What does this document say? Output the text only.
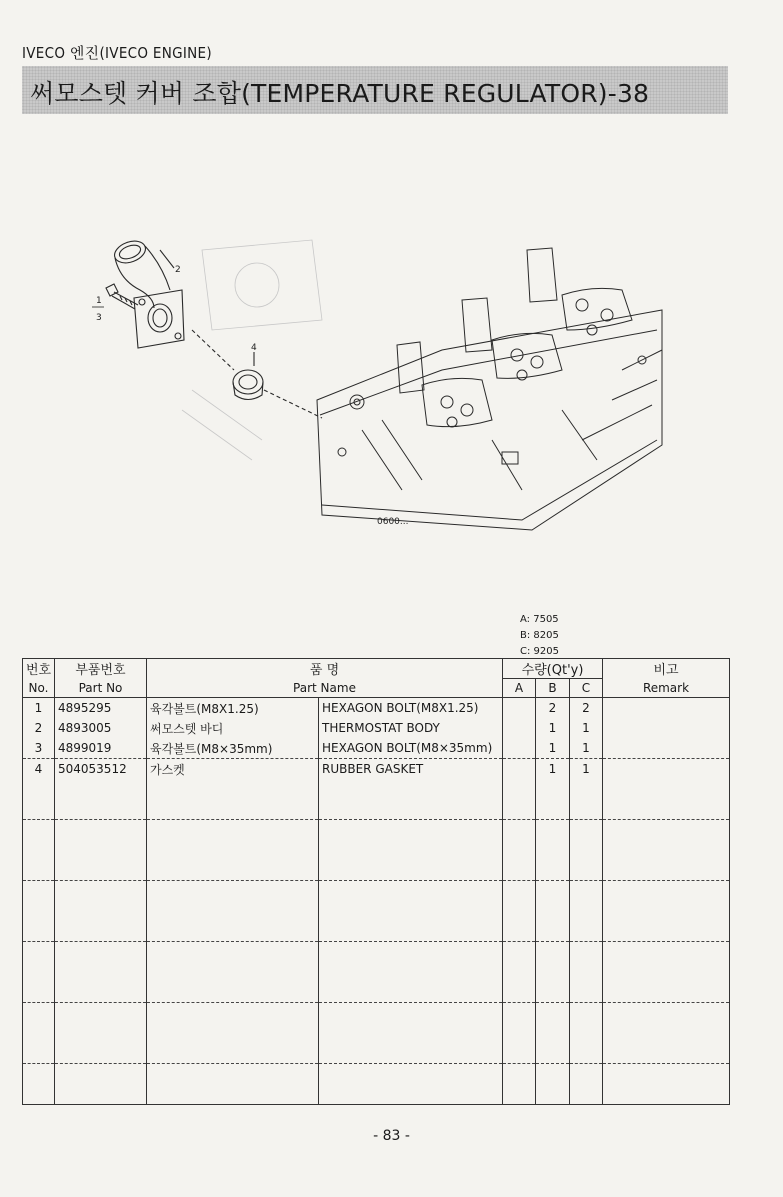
IVECO 엔진(IVECO ENGINE)
써모스텟 커버 조합(TEMPERATURE REGULATOR)-38
2
1
3
4
0600...
A: 7505
B: 8205
C: 9205
번호	부품번호	품 명		수량(Qt'y)			비고
No.	Part No	Part Name		A	B	C	Remark
1	4895295	육각볼트(M8X1.25)	HEXAGON BOLT(M8X1.25)		2	2	
2	4893005	써모스텟 바디	THERMOSTAT BODY		1	1	
3	4899019	육각볼트(M8×35mm)	HEXAGON BOLT(M8×35mm)		1	1	
4	504053512	가스켓	RUBBER GASKET		1	1	

- 83 -
